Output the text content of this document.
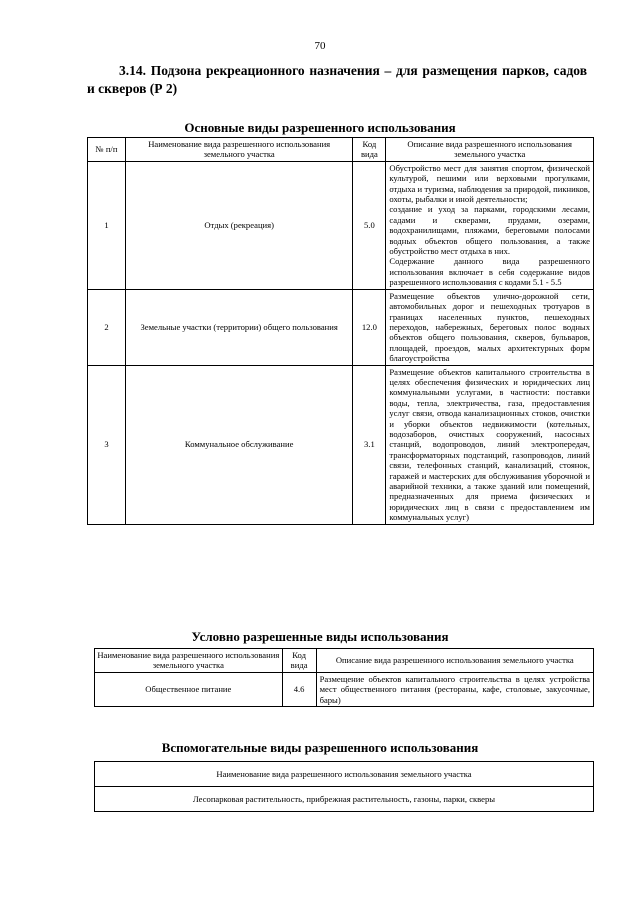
70
3.14. Подзона рекреационного назначения – для размещения парков, садов и скверов (Р 2)
Основные виды разрешенного использования
№ п/п	Наименование вида разрешенного использования земельного участка	Код вида	Описание вида разрешенного использования земельного участка
1	Отдых (рекреация)	5.0	Обустройство мест для занятия спортом, физической культурой, пешими или верховыми прогулками, отдыха и туризма, наблюдения за природой, пикников, охоты, рыбалки и иной деятельности;

создание и уход за парками, городскими лесами, садами и скверами, прудами, озерами, водохранилищами, пляжами, береговыми полосами водных объектов общего пользования, а также обустройство мест отдыха в них.

Содержание данного вида разрешенного использования включает в себя содержание видов разрешенного использования с кодами 5.1 - 5.5

2	Земельные участки (территории) общего пользования	12.0	Размещение объектов улично-дорожной сети, автомобильных дорог и пешеходных тротуаров в границах населенных пунктов, пешеходных переходов, набережных, береговых полос водных объектов общего пользования, скверов, бульваров, площадей, проездов, малых архитектурных форм благоустройства

3	Коммунальное обслуживание	3.1	Размещение объектов капитального строительства в целях обеспечения физических и юридических лиц коммунальными услугами, в частности: поставки воды, тепла, электричества, газа, предоставления услуг связи, отвода канализационных стоков, очистки и уборки объектов недвижимости (котельных, водозаборов, очистных сооружений, насосных станций, водопроводов, линий электропередач, трансформаторных подстанций, газопроводов, линий связи, телефонных станций, канализаций, стоянок, гаражей и мастерских для обслуживания уборочной и аварийной техники, а также зданий или помещений, предназначенных для приема физических и юридических лиц в связи с предоставлением им коммунальных услуг)

Условно разрешенные виды использования
Наименование вида разрешенного использования земельного участка	Код вида	Описание вида разрешенного использования земельного участка
Общественное питание	4.6	Размещение объектов капитального строительства в целях устройства мест общественного питания (рестораны, кафе, столовые, закусочные, бары)
Вспомогательные виды разрешенного использования
Наименование вида разрешенного использования земельного участка
Лесопарковая растительность, прибрежная растительность, газоны, парки, скверы
